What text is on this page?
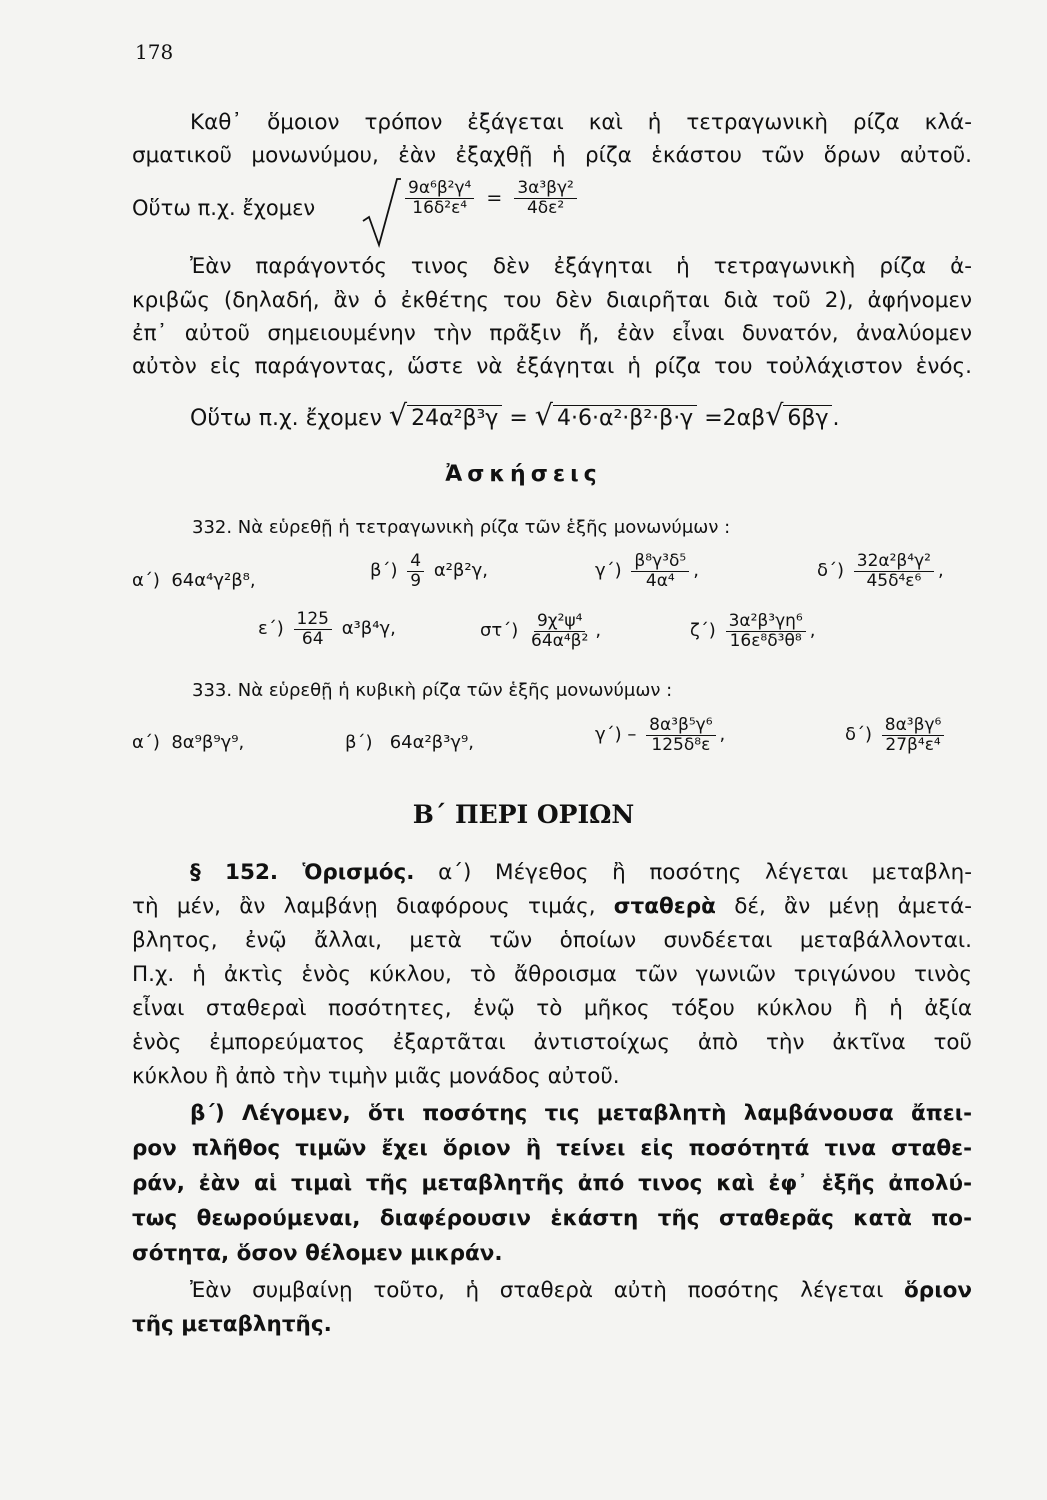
178
Καθ᾽ ὅμοιον τρόπον ἐξάγεται καὶ ἡ τετραγωνικὴ ρίζα κλά-
σματικοῦ μονωνύμου, ἐὰν ἐξαχθῇ ἡ ρίζα ἑκάστου τῶν ὅρων αὐτοῦ.
Οὕτω π.χ. ἔχομεν	$\frac{\text{9α⁶β²γ⁴}}{\text{16δ²ε⁴}} = \frac{\text{3α³βγ²}}{\text{4δε²}}$
Ἐὰν παράγοντός τινος δὲν ἐξάγηται ἡ τετραγωνικὴ ρίζα ἀ-
κριβῶς (δηλαδή, ἂν ὁ ἐκθέτης του δὲν διαιρῆται διὰ τοῦ 2), ἀφήνομεν
ἐπ᾽ αὐτοῦ σημειουμένην τὴν πρᾶξιν ἤ, ἐὰν εἶναι δυνατόν, ἀναλύομεν
αὐτὸν εἰς παράγοντας, ὥστε νὰ ἐξάγηται ἡ ρίζα του τοὐλάχιστον ἑνός.
Οὕτω π.χ. ἔχομεν √ 24α²β³γ = √ 4·6·α²·β²·β·γ =2αβ√ 6βγ .
Ἀσκήσεις
332. Νὰ εὑρεθῇ ἡ τετραγωνικὴ ρίζα τῶν ἑξῆς μονωνύμων :
α΄) 64α⁴γ²β⁸,	$\beta΄) \frac{4}{9} \alpha^2\beta^2\gamma$,	$\gamma΄) \frac{\text{β⁸γ³δ⁵}}{\text{4α⁴}}$ ,	$\delta΄) \frac{\text{32α²β⁴γ²}}{\text{45δ⁴ε⁶}}$ ,
$\varepsilon΄) \frac{125}{64} \alpha^3\beta^4\gamma$,	$\sigma\tau΄) \frac{\text{9χ²ψ⁴}}{\text{64α⁴β²}}$ ,	$\zeta΄) \frac{\text{3α²β³γη⁶}}{\text{16ε⁸δ³θ⁸}}$ ,
333. Νὰ εὑρεθῇ ἡ κυβικὴ ρίζα τῶν ἑξῆς μονωνύμων :
α΄) 8α⁹β⁹γ⁹,	β΄) 64α²β³γ⁹,	$\gamma΄) - \frac{\text{8α³β⁵γ⁶}}{\text{125δ⁸ε}}$ ,	$\delta΄) \frac{\text{8α³βγ⁶}}{\text{27β⁴ε⁴}}$
Β΄ ΠΕΡΙ ΟΡΙΩΝ
§ 152. Ὁρισμός. α΄) Μέγεθος ἢ ποσότης λέγεται μεταβλη-
τὴ μέν, ἂν λαμβάνῃ διαφόρους τιμάς, σταθερὰ δέ, ἂν μένῃ ἀμετά-
βλητος, ἐνῷ ἄλλαι, μετὰ τῶν ὁποίων συνδέεται μεταβάλλονται.
Π.χ. ἡ ἀκτὶς ἑνὸς κύκλου, τὸ ἄθροισμα τῶν γωνιῶν τριγώνου τινὸς
εἶναι σταθεραὶ ποσότητες, ἐνῷ τὸ μῆκος τόξου κύκλου ἢ ἡ ἀξία
ἑνὸς ἐμπορεύματος ἐξαρτᾶται ἀντιστοίχως ἀπὸ τὴν ἀκτῖνα τοῦ
κύκλου ἢ ἀπὸ τὴν τιμὴν μιᾶς μονάδος αὐτοῦ.
β΄) Λέγομεν, ὅτι ποσότης τις μεταβλητὴ λαμβάνουσα ἄπει-
ρον πλῆθος τιμῶν ἔχει ὅριον ἢ τείνει εἰς ποσότητά τινα σταθε-
ράν, ἐὰν αἱ τιμαὶ τῆς μεταβλητῆς ἀπό τινος καὶ ἐφ᾽ ἑξῆς ἀπολύ-
τως θεωρούμεναι, διαφέρουσιν ἑκάστη τῆς σταθερᾶς κατὰ πο-
σότητα, ὅσον θέλομεν μικράν.
Ἐὰν συμβαίνῃ τοῦτο, ἡ σταθερὰ αὐτὴ ποσότης λέγεται ὅριον
τῆς μεταβλητῆς.
